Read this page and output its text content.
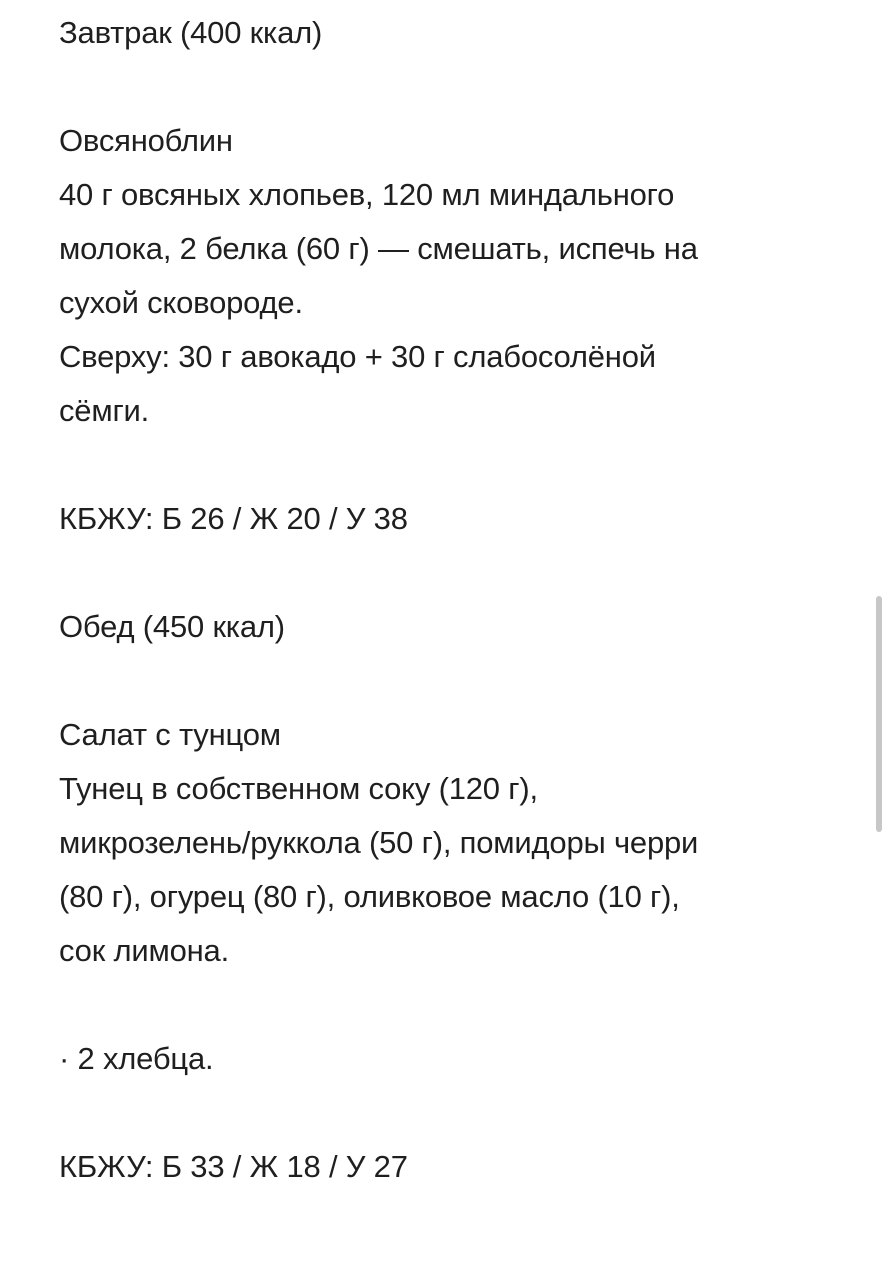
Завтрак (400 ккал)
Овсяноблин
40 г овсяных хлопьев, 120 мл миндального
молока, 2 белка (60 г) — смешать, испечь на
сухой сковороде.
Сверху: 30 г авокадо + 30 г слабосолёной
сёмги.
КБЖУ: Б 26 / Ж 20 / У 38
Обед (450 ккал)
Салат с тунцом
Тунец в собственном соку (120 г),
микрозелень/руккола (50 г), помидоры черри
(80 г), огурец (80 г), оливковое масло (10 г),
сок лимона.
· 2 хлебца.
КБЖУ: Б 33 / Ж 18 / У 27
